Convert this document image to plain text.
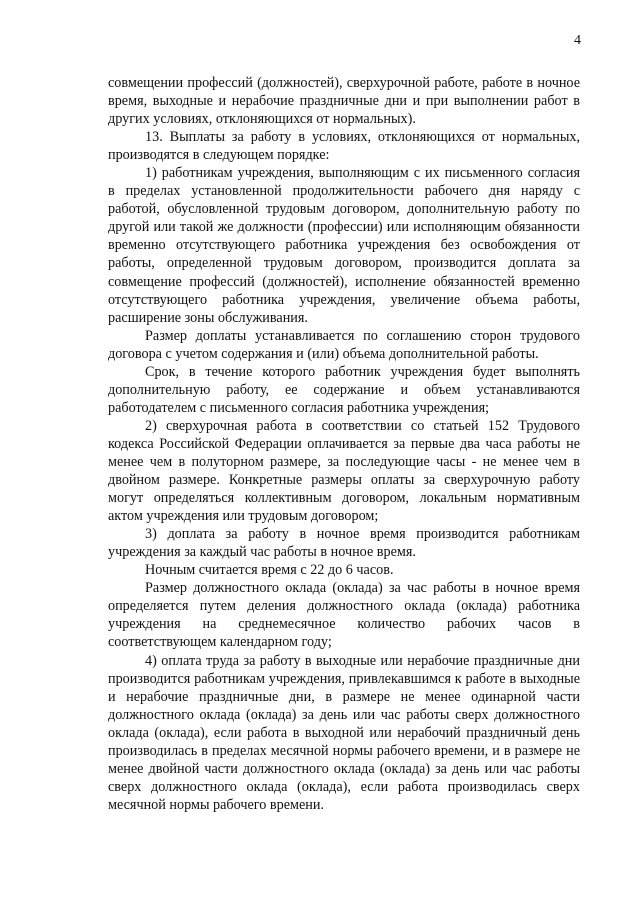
4

совмещении профессий (должностей), сверхурочной работе, работе в ночное время, выходные и нерабочие праздничные дни и при выполнении работ в других условиях, отклоняющихся от нормальных).

13. Выплаты за работу в условиях, отклоняющихся от нормальных, производятся в следующем порядке:

1) работникам учреждения, выполняющим с их письменного согласия в пределах установленной продолжительности рабочего дня наряду с работой, обусловленной трудовым договором, дополнительную работу по другой или такой же должности (профессии) или исполняющим обязанности временно отсутствующего работника учреждения без освобождения от работы, определенной трудовым договором, производится доплата за совмещение профессий (должностей), исполнение обязанностей временно отсутствующего работника учреждения, увеличение объема работы, расширение зоны обслуживания.

Размер доплаты устанавливается по соглашению сторон трудового договора с учетом содержания и (или) объема дополнительной работы.

Срок, в течение которого работник учреждения будет выполнять дополнительную работу, ее содержание и объем устанавливаются работодателем с письменного согласия работника учреждения;

2) сверхурочная работа в соответствии со статьей 152 Трудового кодекса Российской Федерации оплачивается за первые два часа работы не менее чем в полуторном размере, за последующие часы - не менее чем в двойном размере. Конкретные размеры оплаты за сверхурочную работу могут определяться коллективным договором, локальным нормативным актом учреждения или трудовым договором;

3) доплата за работу в ночное время производится работникам учреждения за каждый час работы в ночное время.

Ночным считается время с 22 до 6 часов.

Размер должностного оклада (оклада) за час работы в ночное время определяется путем деления должностного оклада (оклада) работника учреждения на среднемесячное количество рабочих часов в соответствующем календарном году;

4) оплата труда за работу в выходные или нерабочие праздничные дни производится работникам учреждения, привлекавшимся к работе в выходные и нерабочие праздничные дни, в размере не менее одинарной части должностного оклада (оклада) за день или час работы сверх должностного оклада (оклада), если работа в выходной или нерабочий праздничный день производилась в пределах месячной нормы рабочего времени, и в размере не менее двойной части должностного оклада (оклада) за день или час работы сверх должностного оклада (оклада), если работа производилась сверх месячной нормы рабочего времени.
